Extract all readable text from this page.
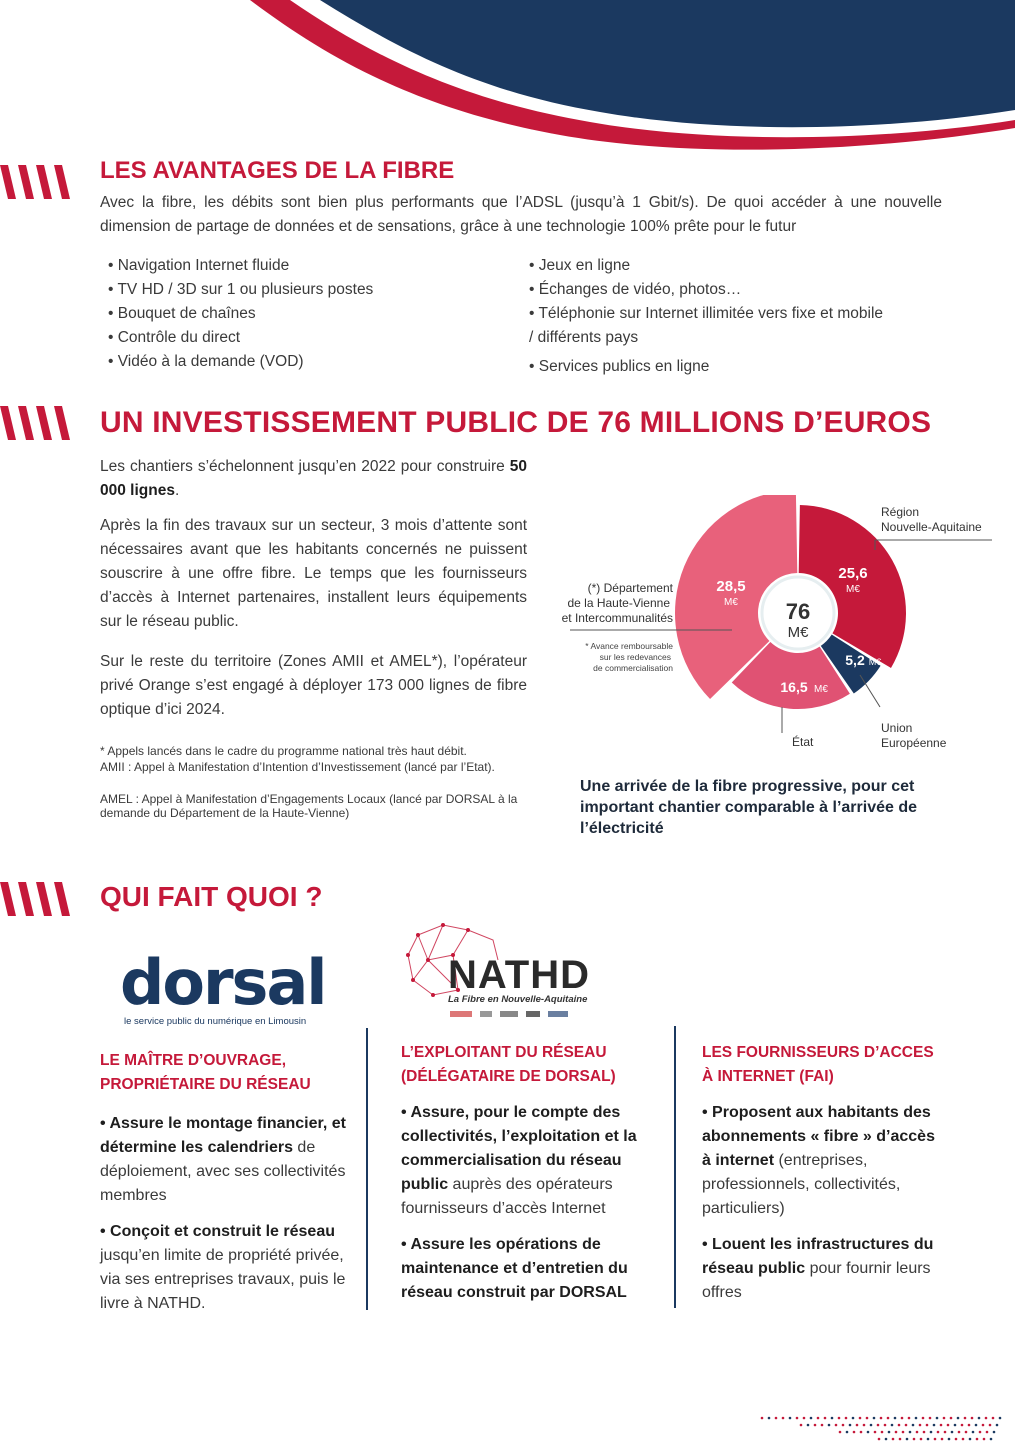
LES AVANTAGES DE LA FIBRE
Avec la fibre, les débits sont bien plus performants que l’ADSL (jusqu’à 1 Gbit/s). De quoi accéder à une nouvelle dimension de partage de données et de sensations, grâce à une technologie 100% prête pour le futur
• Navigation Internet fluide
• TV HD / 3D sur 1 ou plusieurs postes
• Bouquet de chaînes
• Contrôle du direct
• Vidéo à la demande (VOD)
• Jeux en ligne
• Échanges de vidéo, photos…
• Téléphonie sur Internet illimitée vers fixe et mobile
/ différents pays
• Services publics en ligne
UN INVESTISSEMENT PUBLIC DE 76 MILLIONS D’EUROS
Les chantiers s’échelonnent jusqu’en 2022 pour construire 50 000 lignes.
Après la fin des travaux sur un secteur, 3 mois d’attente sont nécessaires avant que les habitants concernés ne puissent souscrire à une offre fibre. Le temps que les fournisseurs d’accès à Internet partenaires, installent leurs équipements sur le réseau public.
Sur le reste du territoire (Zones AMII et AMEL*), l’opérateur privé Orange s’est engagé à déployer 173 000 lignes de fibre optique d’ici 2024.
* Appels lancés dans le cadre du programme national très haut débit.
AMII : Appel à Manifestation d’Intention d’Investissement (lancé par l’Etat).
AMEL : Appel à Manifestation d’Engagements Locaux (lancé par DORSAL à la demande du Département de la Haute-Vienne)
76
M€
25,6
M€
28,5
M€
16,5 M€
5,2 M€
Région
Nouvelle-Aquitaine
Union
Européenne
État
(*) Département
de la Haute-Vienne
et Intercommunalités
* Avance remboursable
sur les redevances
de commercialisation
Une arrivée de la fibre progressive, pour cet important chantier comparable à l’arrivée de l’électricité
QUI FAIT QUOI ?
dorsal
le service public du numérique en Limousin
NATHD
La Fibre en Nouvelle-Aquitaine
LE MAÎTRE D’OUVRAGE, PROPRIÉTAIRE DU RÉSEAU
• Assure le montage financier, et détermine les calendriers de déploiement, avec ses collectivités membres
• Conçoit et construit le réseau jusqu’en limite de propriété privée, via ses entreprises travaux, puis le livre à NATHD.
L’EXPLOITANT DU RÉSEAU (DÉLÉGATAIRE DE DORSAL)
• Assure, pour le compte des collectivités, l’exploitation et la commercialisation du réseau public auprès des opérateurs fournisseurs d’accès Internet
• Assure les opérations de maintenance et d’entretien du réseau construit par DORSAL
LES FOURNISSEURS D’ACCES À INTERNET (FAI)
• Proposent aux habitants des abonnements « fibre » d’accès à internet (entreprises, professionnels, collectivités, particuliers)
• Louent les infrastructures du réseau public pour fournir leurs offres
